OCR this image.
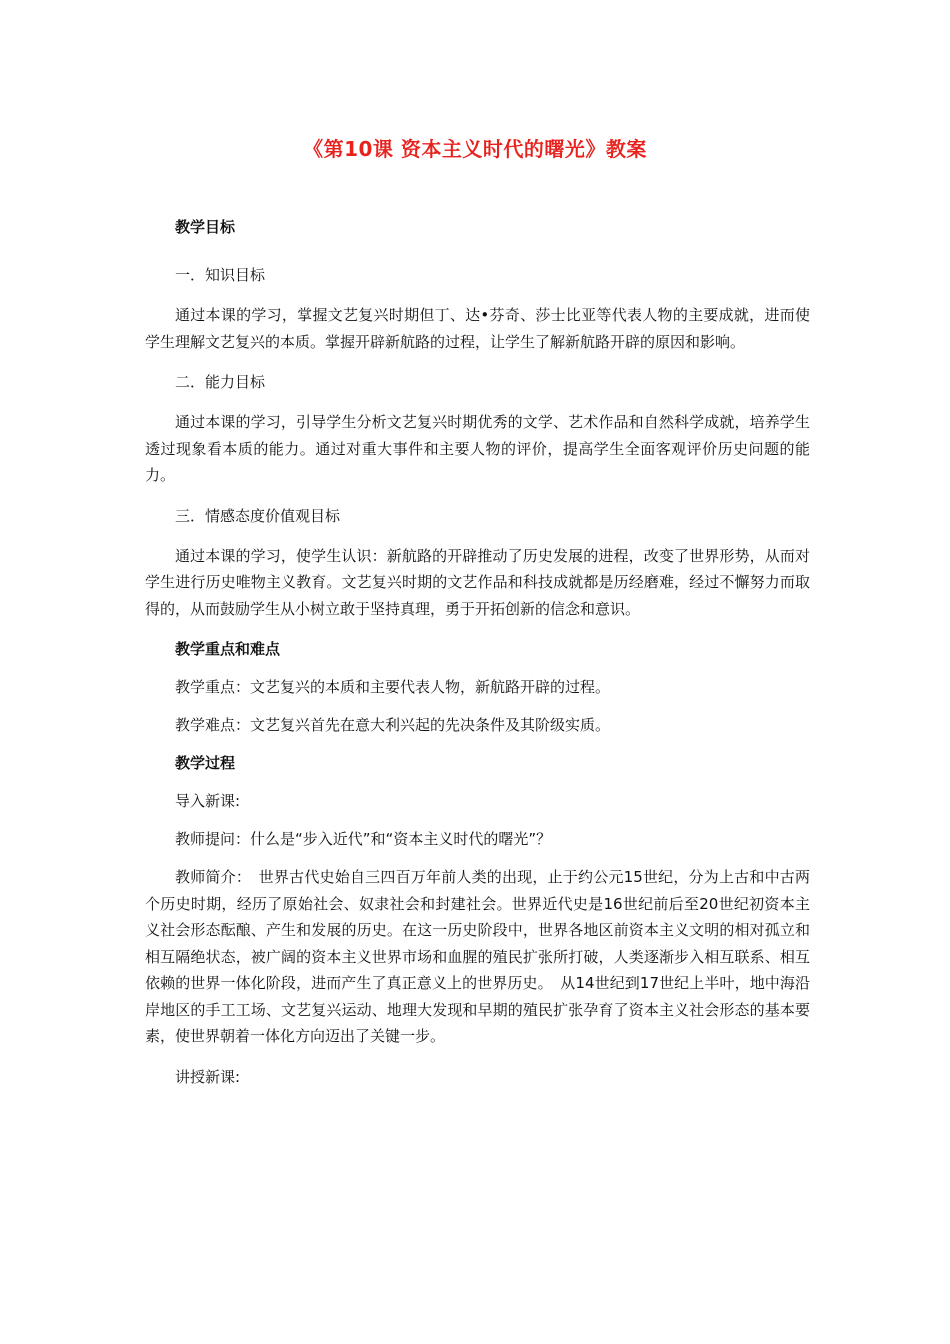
《第10课 资本主义时代的曙光》教案
教学目标
一．知识目标
通过本课的学习，掌握文艺复兴时期但丁、达•芬奇、莎士比亚等代表人物的主要成就，进而使学生理解文艺复兴的本质。掌握开辟新航路的过程，让学生了解新航路开辟的原因和影响。
二．能力目标
通过本课的学习，引导学生分析文艺复兴时期优秀的文学、艺术作品和自然科学成就，培养学生透过现象看本质的能力。通过对重大事件和主要人物的评价，提高学生全面客观评价历史问题的能力。
三．情感态度价值观目标
通过本课的学习，使学生认识：新航路的开辟推动了历史发展的进程，改变了世界形势，从而对学生进行历史唯物主义教育。文艺复兴时期的文艺作品和科技成就都是历经磨难，经过不懈努力而取得的，从而鼓励学生从小树立敢于坚持真理，勇于开拓创新的信念和意识。
教学重点和难点
教学重点：文艺复兴的本质和主要代表人物，新航路开辟的过程。
教学难点：文艺复兴首先在意大利兴起的先决条件及其阶级实质。
教学过程
导入新课:
教师提问：什么是“步入近代”和“资本主义时代的曙光”？
教师简介：　世界古代史始自三四百万年前人类的出现，止于约公元15世纪，分为上古和中古两个历史时期，经历了原始社会、奴隶社会和封建社会。世界近代史是16世纪前后至20世纪初资本主义社会形态酝酿、产生和发展的历史。在这一历史阶段中，世界各地区前资本主义文明的相对孤立和相互隔绝状态，被广阔的资本主义世界市场和血腥的殖民扩张所打破，人类逐渐步入相互联系、相互依赖的世界一体化阶段，进而产生了真正意义上的世界历史。　从14世纪到17世纪上半叶，地中海沿岸地区的手工工场、文艺复兴运动、地理大发现和早期的殖民扩张孕育了资本主义社会形态的基本要素，使世界朝着一体化方向迈出了关键一步。
讲授新课:
